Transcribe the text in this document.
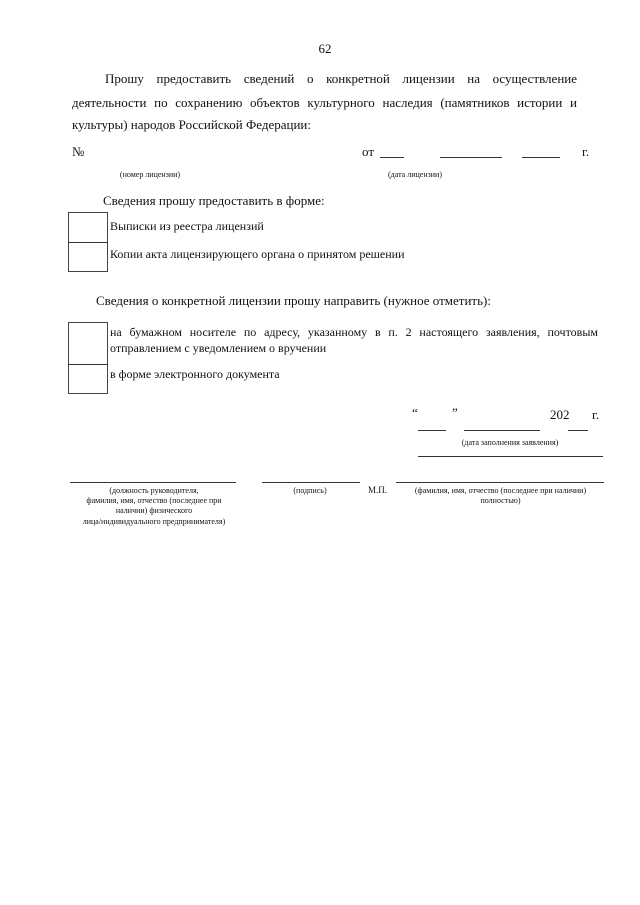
62
Прошу предоставить сведений о конкретной лицензии на осуществление
деятельности по сохранению объектов культурного наследия (памятников истории и
культуры) народов Российской Федерации:
№	от	г.
(номер лицензии)	(дата лицензии)
Сведения прошу предоставить в форме:
Выписки из реестра лицензий
Копии акта лицензирующего органа о принятом решении
Сведения о конкретной лицензии прошу направить (нужное отметить):
на бумажном носителе по адресу, указанному в п. 2 настоящего заявления, почтовым
отправлением с уведомлением о вручении
в форме электронного документа
“	”	202 г.
(дата заполнения заявления)
(должность руководителя,
фамилия, имя, отчество (последнее при
наличии) физического
лица/индивидуального предпринимателя)
(подпись)	М.П.	(фамилия, имя, отчество (последнее при наличии)
полностью)
